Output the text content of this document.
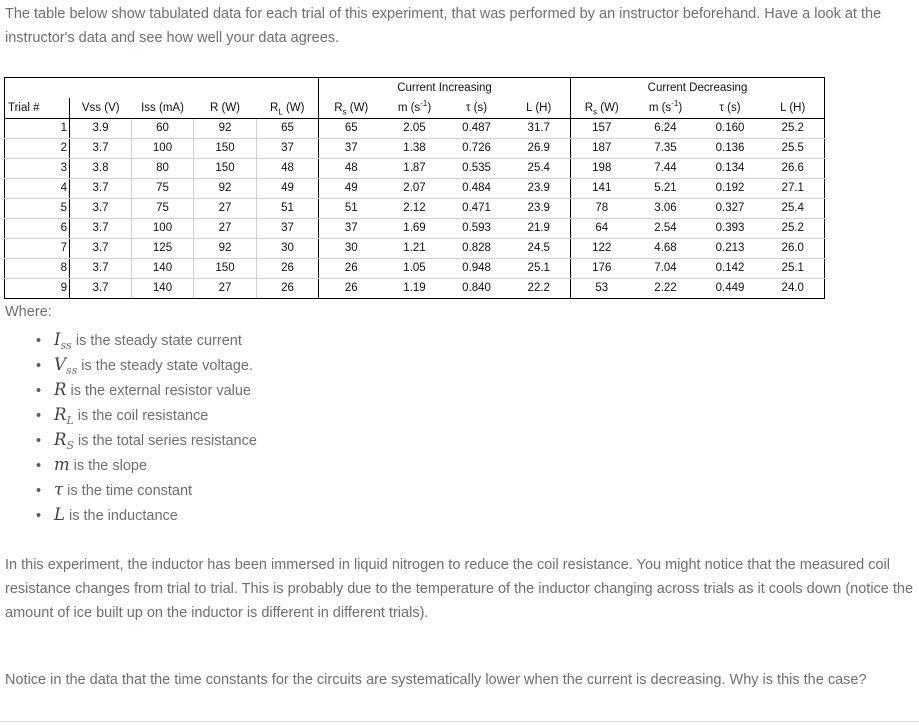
The table below show tabulated data for each trial of this experiment, that was performed by an instructor beforehand. Have a look at the instructor's data and see how well your data agrees.
					Current Increasing				Current Decreasing			
Trial #	Vss (V)	Iss (mA)	R (W)	$R_L$ (W)	$R_s$ (W)	m $(s^{-1})$	τ (s)	L (H)	$R_s$ (W)	m $(s^{-1})$	τ (s)	L (H)
1	3.9	60	92	65	65	2.05	0.487	31.7	157	6.24	0.160	25.2
2	3.7	100	150	37	37	1.38	0.726	26.9	187	7.35	0.136	25.5
3	3.8	80	150	48	48	1.87	0.535	25.4	198	7.44	0.134	26.6
4	3.7	75	92	49	49	2.07	0.484	23.9	141	5.21	0.192	27.1
5	3.7	75	27	51	51	2.12	0.471	23.9	78	3.06	0.327	25.4
6	3.7	100	27	37	37	1.69	0.593	21.9	64	2.54	0.393	25.2
7	3.7	125	92	30	30	1.21	0.828	24.5	122	4.68	0.213	26.0
8	3.7	140	150	26	26	1.05	0.948	25.1	176	7.04	0.142	25.1
9	3.7	140	27	26	26	1.19	0.840	22.2	53	2.22	0.449	24.0
Where:
• $I_{ss}$ is the steady state current
• $V_{ss}$ is the steady state voltage.
• R is the external resistor value
• $R_L$ is the coil resistance
• $R_S$ is the total series resistance
• m is the slope
• τ is the time constant
• L is the inductance
In this experiment, the inductor has been immersed in liquid nitrogen to reduce the coil resistance. You might notice that the measured coil resistance changes from trial to trial. This is probably due to the temperature of the inductor changing across trials as it cools down (notice the amount of ice built up on the inductor is different in different trials).
Notice in the data that the time constants for the circuits are systematically lower when the current is decreasing. Why is this the case?
